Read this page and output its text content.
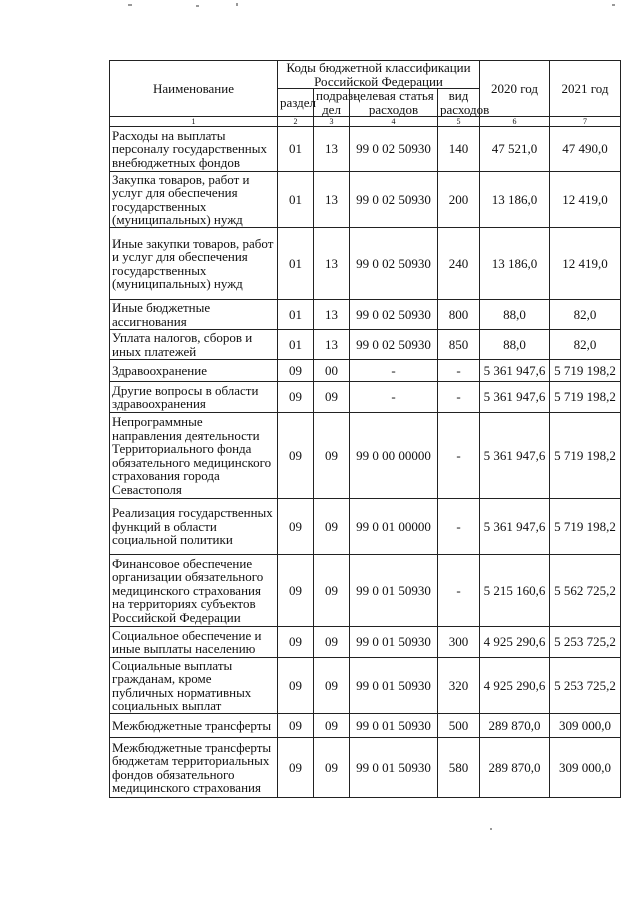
Наименование	Коды бюджетной классификации Российской Федерации				2020 год	2021 год
	раздел	подраз-дел	целевая статья расходов	вид расходов		
1	2	3	4	5	6	7
Расходы на выплаты персоналу государственных внебюджетных фондов	01	13	99 0 02 50930	140	47 521,0	47 490,0
Закупка товаров, работ и услуг для обеспечения государственных (муниципальных) нужд	01	13	99 0 02 50930	200	13 186,0	12 419,0
Иные закупки товаров, работ и услуг для обеспечения государственных (муниципальных) нужд	01	13	99 0 02 50930	240	13 186,0	12 419,0
Иные бюджетные ассигнования	01	13	99 0 02 50930	800	88,0	82,0
Уплата налогов, сборов и иных платежей	01	13	99 0 02 50930	850	88,0	82,0
Здравоохранение	09	00	-	-	5 361 947,6	5 719 198,2
Другие вопросы в области здравоохранения	09	09	-	-	5 361 947,6	5 719 198,2
Непрограммные направления деятельности Территориального фонда обязательного медицинского страхования города Севастополя	09	09	99 0 00 00000	-	5 361 947,6	5 719 198,2
Реализация государственных функций в области социальной политики	09	09	99 0 01 00000	-	5 361 947,6	5 719 198,2
Финансовое обеспечение организации обязательного медицинского страхования на территориях субъектов Российской Федерации	09	09	99 0 01 50930	-	5 215 160,6	5 562 725,2
Социальное обеспечение и иные выплаты населению	09	09	99 0 01 50930	300	4 925 290,6	5 253 725,2
Социальные выплаты гражданам, кроме публичных нормативных социальных выплат	09	09	99 0 01 50930	320	4 925 290,6	5 253 725,2
Межбюджетные трансферты	09	09	99 0 01 50930	500	289 870,0	309 000,0
Межбюджетные трансферты бюджетам территориальных фондов обязательного медицинского страхования	09	09	99 0 01 50930	580	289 870,0	309 000,0
